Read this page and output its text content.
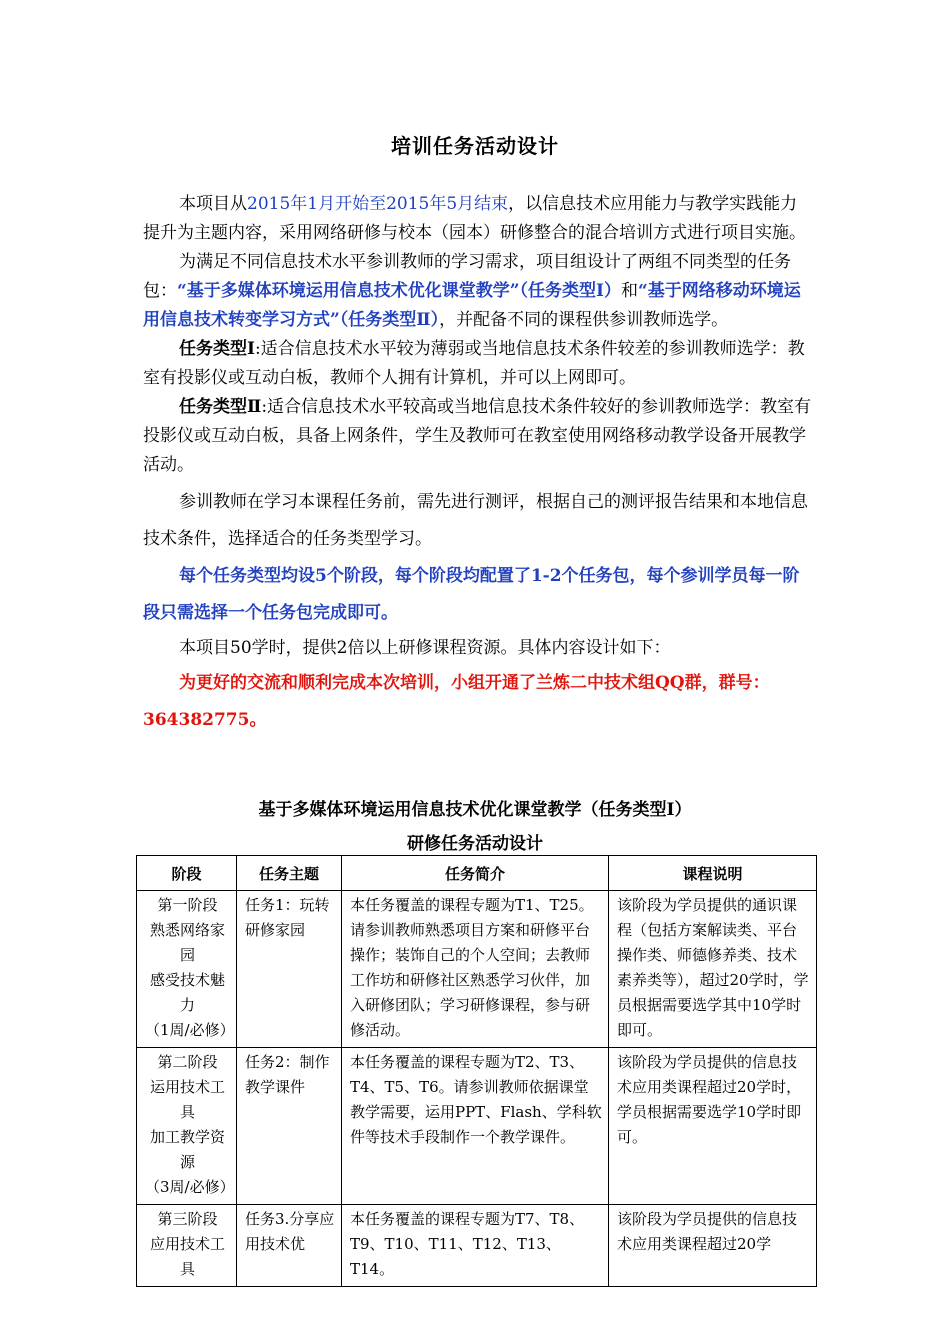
培训任务活动设计

本项目从2015年1月开始至2015年5月结束，以信息技术应用能力与教学实践能力提升为主题内容，采用网络研修与校本（园本）研修整合的混合培训方式进行项目实施。

为满足不同信息技术水平参训教师的学习需求，项目组设计了两组不同类型的任务包：“基于多媒体环境运用信息技术优化课堂教学”（任务类型Ⅰ）和“基于网络移动环境运用信息技术转变学习方式”（任务类型Ⅱ），并配备不同的课程供参训教师选学。

任务类型Ⅰ:适合信息技术水平较为薄弱或当地信息技术条件较差的参训教师选学：教室有投影仪或互动白板，教师个人拥有计算机，并可以上网即可。

任务类型Ⅱ:适合信息技术水平较高或当地信息技术条件较好的参训教师选学：教室有投影仪或互动白板，具备上网条件，学生及教师可在教室使用网络移动教学设备开展教学活动。

参训教师在学习本课程任务前，需先进行测评，根据自己的测评报告结果和本地信息技术条件，选择适合的任务类型学习。

每个任务类型均设5个阶段，每个阶段均配置了1-2个任务包，每个参训学员每一阶段只需选择一个任务包完成即可。

本项目50学时，提供2倍以上研修课程资源。具体内容设计如下：

为更好的交流和顺利完成本次培训，小组开通了兰炼二中技术组QQ群，群号：364382775。

基于多媒体环境运用信息技术优化课堂教学（任务类型Ⅰ）
研修任务活动设计
阶段	任务主题	任务简介	课程说明

第一阶段
熟悉网络家园
感受技术魅力
（1周/必修）	任务1：玩转研修家园	本任务覆盖的课程专题为T1、T25。请参训教师熟悉项目方案和研修平台操作；装饰自己的个人空间；去教师工作坊和研修社区熟悉学习伙伴，加入研修团队；学习研修课程，参与研修活动。	该阶段为学员提供的通识课程（包括方案解读类、平台操作类、师德修养类、技术素养类等），超过20学时，学员根据需要选学其中10学时即可。

第二阶段
运用技术工具
加工教学资源
（3周/必修）	任务2：制作教学课件	本任务覆盖的课程专题为T2、T3、T4、T5、T6。请参训教师依据课堂教学需要，运用PPT、Flash、学科软件等技术手段制作一个教学课件。	该阶段为学员提供的信息技术应用类课程超过20学时，学员根据需要选学10学时即可。

第三阶段
应用技术工具	任务3.分享应用技术优	本任务覆盖的课程专题为T7、T8、T9、T10、T11、T12、T13、T14。	该阶段为学员提供的信息技术应用类课程超过20学
